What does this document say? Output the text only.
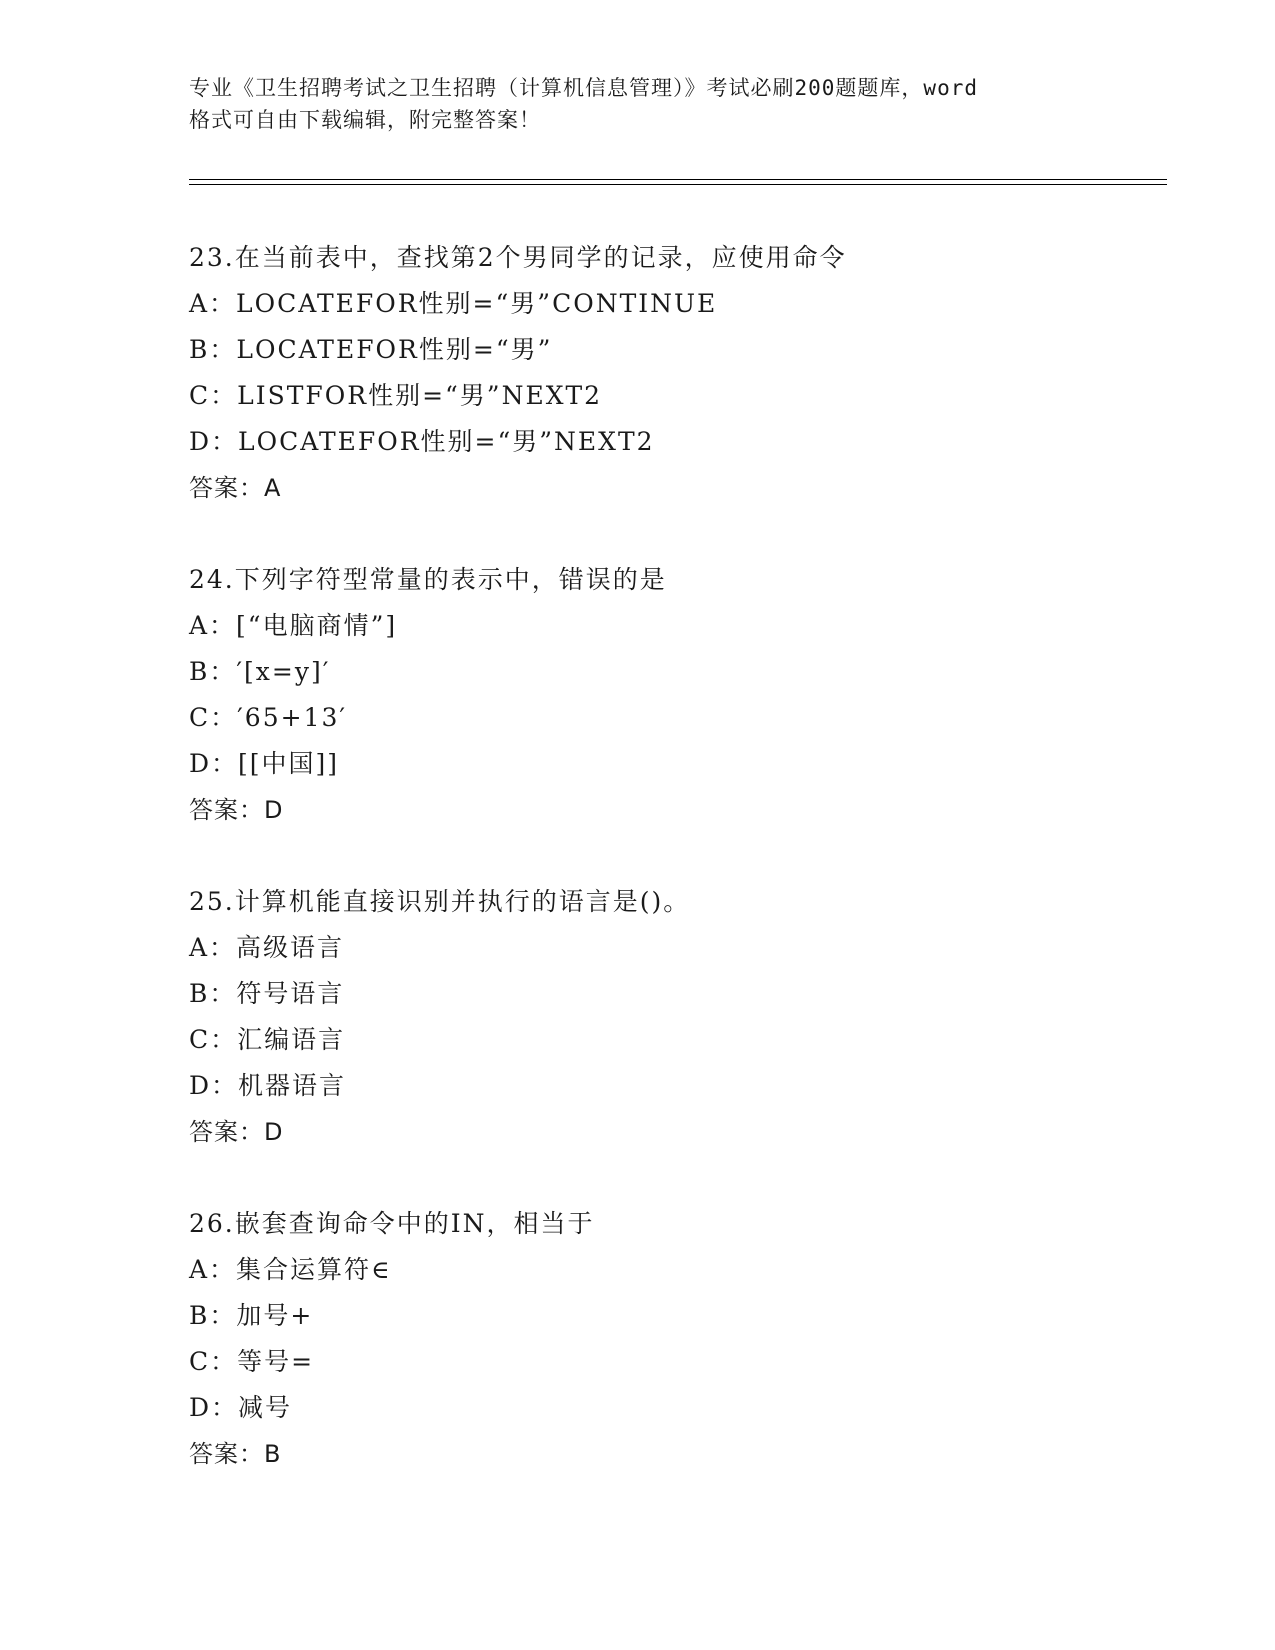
专业《卫生招聘考试之卫生招聘（计算机信息管理）》考试必刷200题题库，word
格式可自由下载编辑，附完整答案！
23.在当前表中，查找第2个男同学的记录，应使用命令
A：LOCATEFOR性别=“男”CONTINUE
B：LOCATEFOR性别=“男”
C：LISTFOR性别=“男”NEXT2
D：LOCATEFOR性别=“男”NEXT2
答案：A
24.下列字符型常量的表示中，错误的是
A：[“电脑商情”]
B：′[x=y]′
C：′65+13′
D：[[中国]]
答案：D
25.计算机能直接识别并执行的语言是()。
A：高级语言
B：符号语言
C：汇编语言
D：机器语言
答案：D
26.嵌套查询命令中的IN，相当于
A：集合运算符∈
B：加号+
C：等号=
D：减号
答案：B
